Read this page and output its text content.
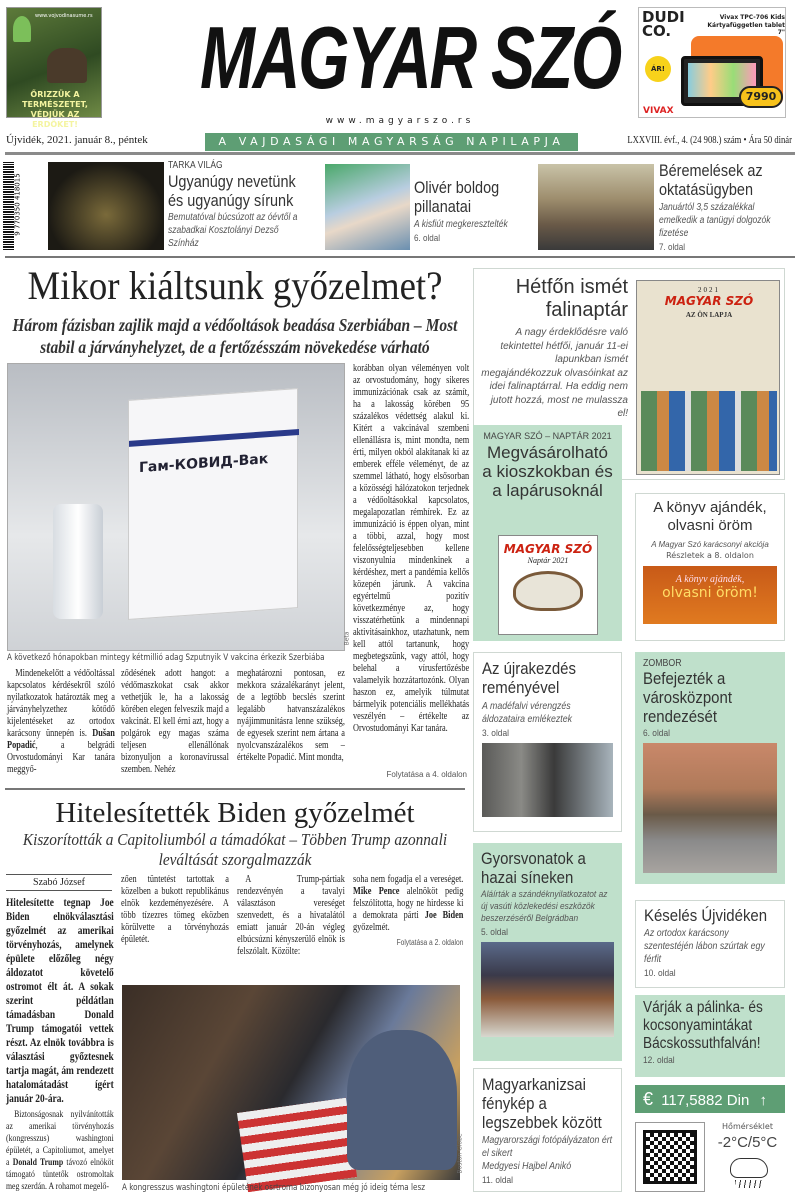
www.vojvodinasume.rs
ŐRIZZÜK A TERMÉSZETET, VÉDJÜK AZ ERDŐKET!
MAGYAR SZÓ
www.magyarszo.rs
Újvidék, 2021. január 8., péntek	A VAJDASÁGI MAGYARSÁG NAPILAPJA	LXXVIII. évf., 4. (24 908.) szám • Ára 50 dinár
DUDI CO.
Vivax TPC-706 Kids Kártyafüggetlen tablet 7"
ÁR!
7990
VIVAX
9 770350 418015
TARKA VILÁG
Ugyanúgy nevetünk és ugyanúgy sírunk
Bemutatóval búcsúzott az óévtől a szabadkai Kosztolányi Dezső Színház
Olivér boldog pillanatai
A kisfiút megkeresztelték
6. oldal
Béremelések az oktatásügyben
Januártól 3,5 százalékkal emelkedik a tanügyi dolgozók fizetése
7. oldal
Mikor kiáltsunk győzelmet?
Három fázisban zajlik majd a védőoltások beadása Szerbiában – Most stabil a járványhelyzet, de a fertőzésszám növekedése várható
Гам-КОВИД-Вак
Beta
A következő hónapokban mintegy kétmillió adag Szputnyik V vakcina érkezik Szerbiába
korábban olyan véleményen volt az orvostudomány, hogy sikeres immunizációnak csak az számít, ha a lakosság körében 95 százalékos védettség alakul ki. Kitért a vakcinával szembeni ellenállásra is, mint mondta, nem érti, milyen okból alakítanak ki az emberek efféle véleményt, de az szemmel látható, hogy elsősorban a közösségi hálózatokon terjednek a védőoltásokkal kapcsolatos, megalapozatlan rémhírek. Ez az immunizáció is éppen olyan, mint a többi, azzal, hogy most felelősségteljesebben kellene viszonyulnia mindenkinek a kérdéshez, mert a pandémia kellős közepén járunk. A vakcina egyértelmű pozitív következménye az, hogy visszatérhetünk a mindennapi aktivitásainkhoz, utazhatunk, nem kell attól tartanunk, hogy megbetegszünk, vagy attól, hogy belehal a vírusfertőzésbe valamelyik hozzátartozónk. Olyan haszon ez, amelyik túlmutat bármelyik potenciális mellékhatás veszélyén – értékelte az Orvostudományi Kar tanára.
Mindenekelőtt a védőoltással kapcsolatos kérdésekről szóló nyilatkozatok határozták meg a járványhelyzethez kötődő kijelentéseket az ortodox karácsony ünnepén is. Dušan Popadić, a belgrádi Orvostudományi Kar tanára meggyő-
ződésének adott hangot: a védőmaszkokat csak akkor vethetjük le, ha a lakosság körében elegen felveszik majd a vakcinát. El kell érni azt, hogy a polgárok egy magas száma teljesen ellenállónak bizonyuljon a koronavírussal szemben. Nehéz
meghatározni pontosan, ez mekkora százalékarányt jelent, de a legtöbb becslés szerint legalább hatvanszázalékos nyájimmunitásra lenne szükség, de egyesek szerint nem ártana a nyolcvanszázalékos sem – értékelte Popadić. Mint mondta,
Folytatása a 4. oldalon
Hitelesítették Biden győzelmét
Kiszorították a Capitoliumból a támadókat – Többen Trump azonnali leváltását szorgalmazzák
Szabó József
Hitelesítette tegnap Joe Biden elnökválasztási győzelmét az amerikai törvényhozás, amelynek épülete előzőleg négy áldozatot követelő ostromot élt át. A sokak szerint példátlan támadásban Donald Trump támogatói vettek részt. Az elnök továbbra is választási győztesnek tartja magát, ám rendezett hatalomátadást ígért január 20-ára.
Biztonságosnak nyilvánították az amerikai törvényhozás (kongresszus) washingtoni épületét, a Capitoliumot, amelyet a Donald Trump távozó elnököt támogató tüntetők ostromoltak meg szerdán. A rohamot megelő-
zően tüntetést tartottak a közelben a bukott republikánus elnök kezdeményezésére. A több tízezres tömeg eközben körülvette a törvényhozás épületét.
A Trump-pártiak rendezvényén a tavalyi választáson vereséget szenvedett, és a hivatalától emiatt január 20-án végleg elbúcsúzni kényszerülő elnök is felszólalt. Közölte:
soha nem fogadja el a vereséget. Mike Pence alelnököt pedig felszólította, hogy ne hirdesse ki a demokrata párti Joe Biden győzelmét.
Folytatása a 2. oldalon
Boston Globe
A kongresszus washingtoni épületének osrtroma bizonyosan még jó ideig téma lesz
Hétfőn ismét falinaptár
A nagy érdeklődésre való tekintettel hétfői, január 11-ei lapunkban ismét megajándékozzuk olvasóinkat az idei falinaptárral. Ha eddig nem jutott hozzá, most ne mulassza el!
2021
MAGYAR SZÓ
AZ ÖN LAPJA
MAGYAR SZÓ – NAPTÁR 2021
Megvásárolható a kioszkokban és a lapárusoknál
MAGYAR SZÓ
Naptár 2021
A könyv ajándék, olvasni öröm
A Magyar Szó karácsonyi akciója
Részletek a 8. oldalon
A könyv ajándék,
olvasni öröm!
Az újrakezdés reményével
A madéfalvi vérengzés áldozataira emlékeztek
3. oldal
ZOMBOR
Befejezték a városközpont rendezését
6. oldal
Gyorsvonatok a hazai síneken
Aláírták a szándéknyilatkozatot az új vasúti közlekedési eszközök beszerzéséről Belgrádban
5. oldal
Késelés Újvidéken
Az ortodox karácsony szentestéjén lábon szúrtak egy férfit
10. oldal
Várják a pálinka- és kocsonyamintákat Bácskossuthfalván!
12. oldal
Magyarkanizsai fénykép a legszebbek között
Magyarországi fotópályázaton ért el sikert
Medgyesi Hajbel Anikó
11. oldal
€ 117,5882 Din ↑
Hőmérséklet
-2°C/5°C
